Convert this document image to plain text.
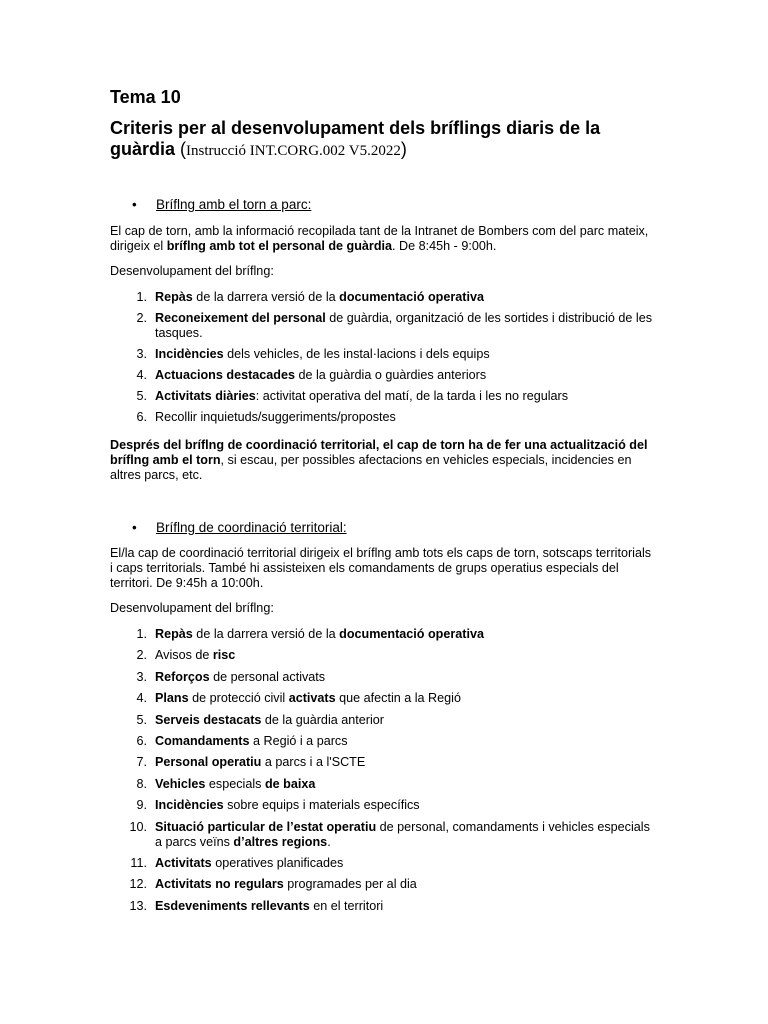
Tema 10
Criteris per al desenvolupament dels bríflings diaris de la guàrdia (Instrucció INT.CORG.002 V5.2022)

• Bríflng amb el torn a parc:

El cap de torn, amb la informació recopilada tant de la Intranet de Bombers com del parc mateix, dirigeix el bríflng amb tot el personal de guàrdia. De 8:45h - 9:00h.

Desenvolupament del bríflng:

1. Repàs de la darrera versió de la documentació operativa
2. Reconeixement del personal de guàrdia, organització de les sortides i distribució de les tasques.
3. Incidències dels vehicles, de les instal·lacions i dels equips
4. Actuacions destacades de la guàrdia o guàrdies anteriors
5. Activitats diàries: activitat operativa del matí, de la tarda i les no regulars
6. Recollir inquietuds/suggeriments/propostes

Després del bríflng de coordinació territorial, el cap de torn ha de fer una actualització del bríflng amb el torn, si escau, per possibles afectacions en vehicles especials, incidencies en altres parcs, etc.

• Bríflng de coordinació territorial:

El/la cap de coordinació territorial dirigeix el bríflng amb tots els caps de torn, sotscaps territorials i caps territorials. També hi assisteixen els comandaments de grups operatius especials del territori. De 9:45h a 10:00h.

Desenvolupament del bríflng:

1. Repàs de la darrera versió de la documentació operativa
2. Avisos de risc
3. Reforços de personal activats
4. Plans de protecció civil activats que afectin a la Regió
5. Serveis destacats de la guàrdia anterior
6. Comandaments a Regió i a parcs
7. Personal operatiu a parcs i a l'SCTE
8. Vehicles especials de baixa
9. Incidències sobre equips i materials específics
10. Situació particular de l’estat operatiu de personal, comandaments i vehicles especials a parcs veïns d’altres regions.
11. Activitats operatives planificades
12. Activitats no regulars programades per al dia
13. Esdeveniments rellevants en el territori
